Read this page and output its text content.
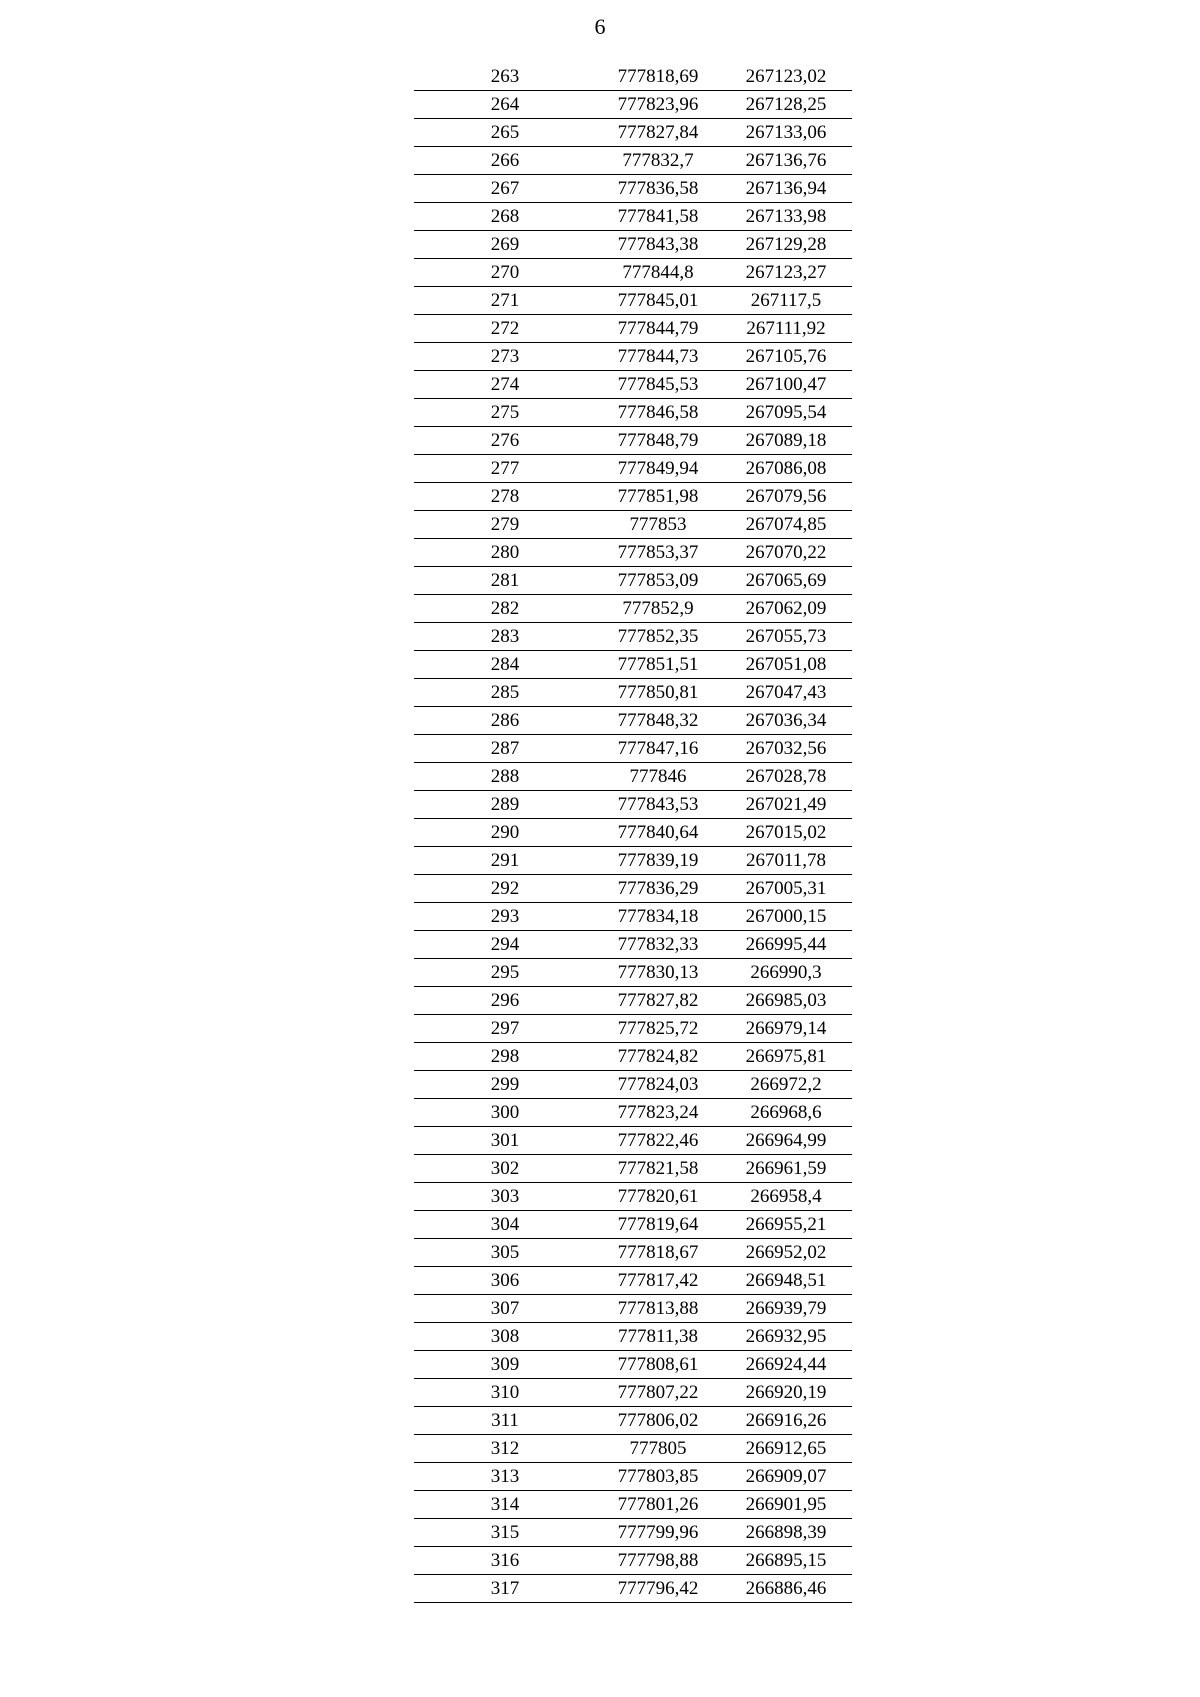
6
263	777818,69	267123,02
264	777823,96	267128,25
265	777827,84	267133,06
266	777832,7	267136,76
267	777836,58	267136,94
268	777841,58	267133,98
269	777843,38	267129,28
270	777844,8	267123,27
271	777845,01	267117,5
272	777844,79	267111,92
273	777844,73	267105,76
274	777845,53	267100,47
275	777846,58	267095,54
276	777848,79	267089,18
277	777849,94	267086,08
278	777851,98	267079,56
279	777853	267074,85
280	777853,37	267070,22
281	777853,09	267065,69
282	777852,9	267062,09
283	777852,35	267055,73
284	777851,51	267051,08
285	777850,81	267047,43
286	777848,32	267036,34
287	777847,16	267032,56
288	777846	267028,78
289	777843,53	267021,49
290	777840,64	267015,02
291	777839,19	267011,78
292	777836,29	267005,31
293	777834,18	267000,15
294	777832,33	266995,44
295	777830,13	266990,3
296	777827,82	266985,03
297	777825,72	266979,14
298	777824,82	266975,81
299	777824,03	266972,2
300	777823,24	266968,6
301	777822,46	266964,99
302	777821,58	266961,59
303	777820,61	266958,4
304	777819,64	266955,21
305	777818,67	266952,02
306	777817,42	266948,51
307	777813,88	266939,79
308	777811,38	266932,95
309	777808,61	266924,44
310	777807,22	266920,19
311	777806,02	266916,26
312	777805	266912,65
313	777803,85	266909,07
314	777801,26	266901,95
315	777799,96	266898,39
316	777798,88	266895,15
317	777796,42	266886,46
